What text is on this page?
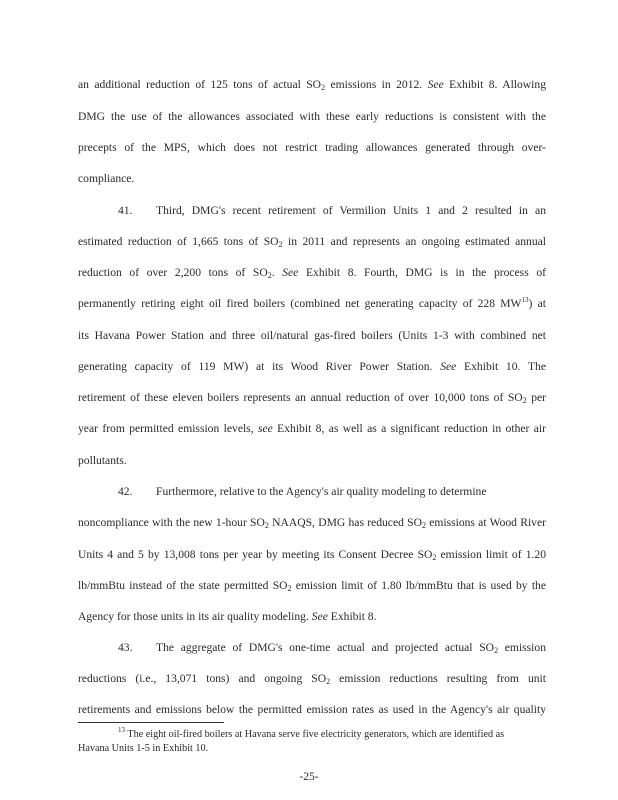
an additional reduction of 125 tons of actual $SO_2$ emissions in 2012. See Exhibit 8. Allowing
DMG the use of the allowances associated with these early reductions is consistent with the
precepts of the MPS, which does not restrict trading allowances generated through over-
compliance.
41. Third, DMG's recent retirement of Vermilion Units 1 and 2 resulted in an
estimated reduction of 1,665 tons of $SO_2$ in 2011 and represents an ongoing estimated annual
reduction of over 2,200 tons of $SO_2$. See Exhibit 8. Fourth, DMG is in the process of
permanently retiring eight oil fired boilers (combined net generating capacity of 228 MW$^{13}$) at
its Havana Power Station and three oil/natural gas-fired boilers (Units 1-3 with combined net
generating capacity of 119 MW) at its Wood River Power Station. See Exhibit 10. The
retirement of these eleven boilers represents an annual reduction of over 10,000 tons of $SO_2$ per
year from permitted emission levels, see Exhibit 8, as well as a significant reduction in other air
pollutants.
42. Furthermore, relative to the Agency's air quality modeling to determine
noncompliance with the new 1-hour $SO_2$ NAAQS, DMG has reduced $SO_2$ emissions at Wood River
Units 4 and 5 by 13,008 tons per year by meeting its Consent Decree $SO_2$ emission limit of 1.20
lb/mmBtu instead of the state permitted $SO_2$ emission limit of 1.80 lb/mmBtu that is used by the
Agency for those units in its air quality modeling. See Exhibit 8.
43. The aggregate of DMG's one-time actual and projected actual $SO_2$ emission
reductions (i.e., 13,071 tons) and ongoing $SO_2$ emission reductions resulting from unit
retirements and emissions below the permitted emission rates as used in the Agency's air quality
$^{13}$ The eight oil-fired boilers at Havana serve five electricity generators, which are identified as
Havana Units 1-5 in Exhibit 10.
-25-
